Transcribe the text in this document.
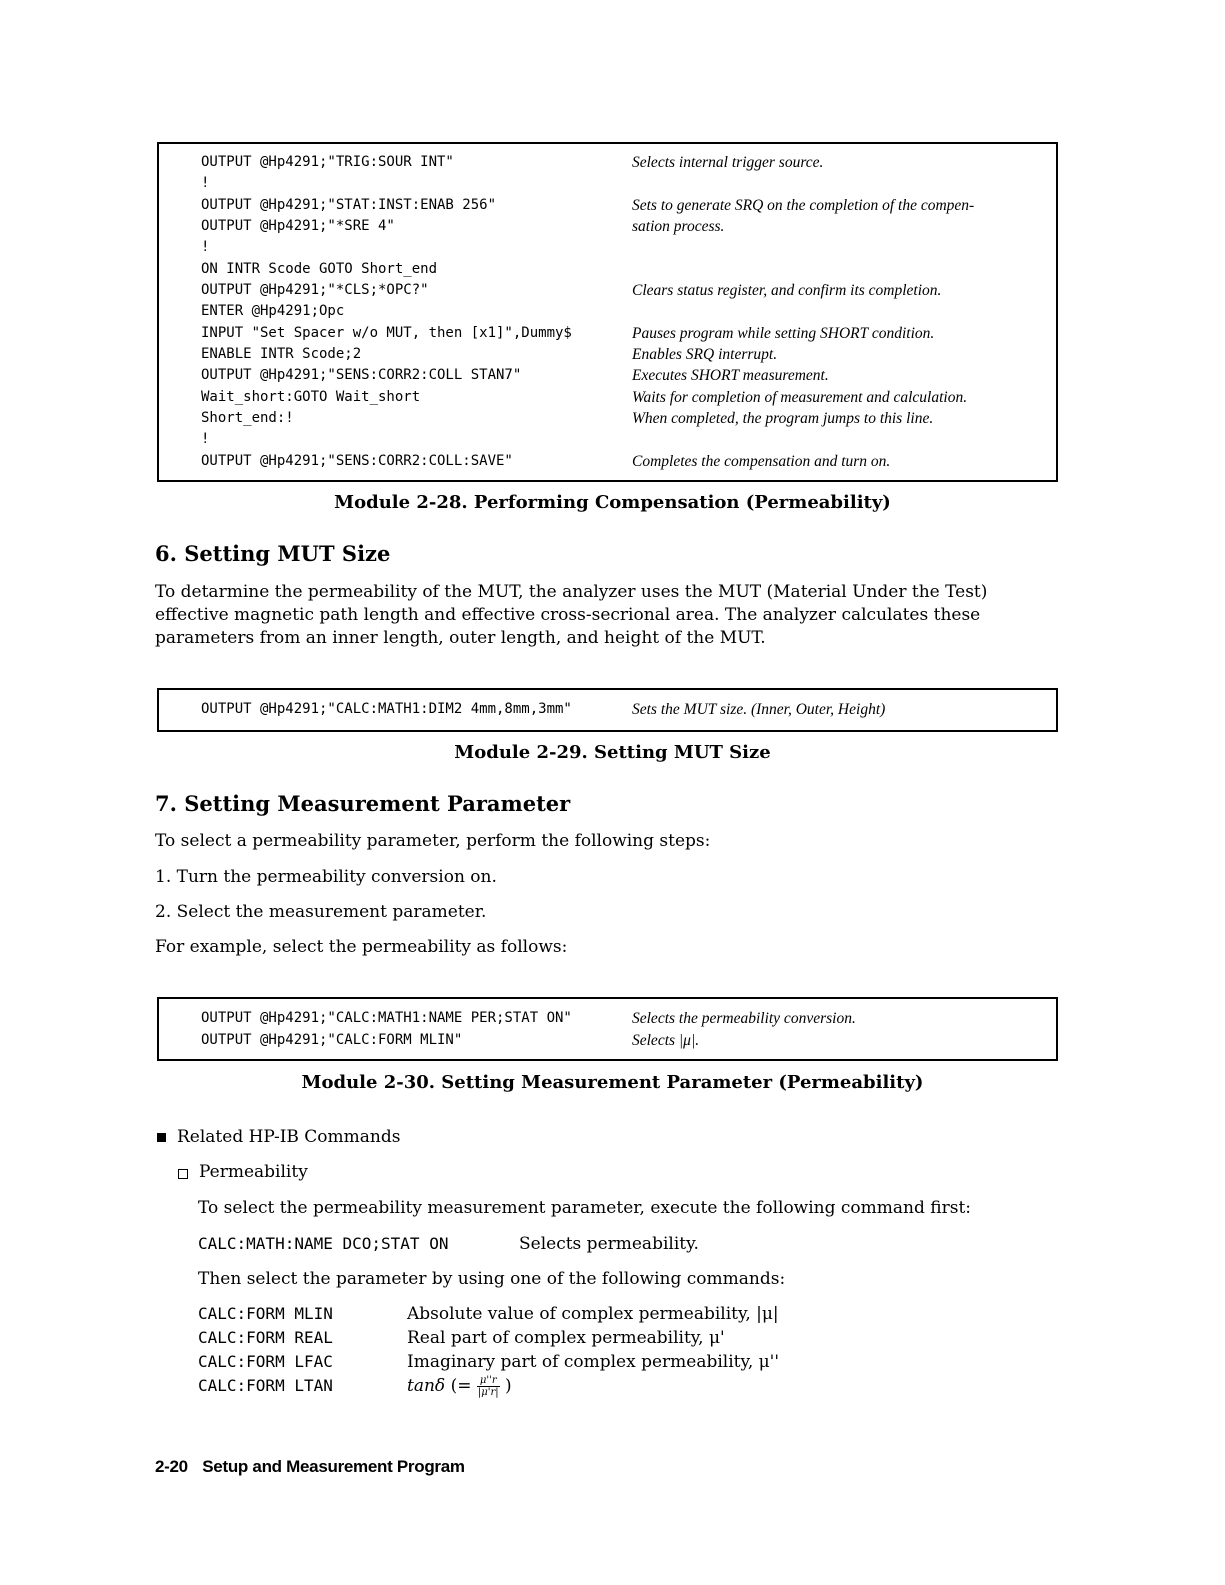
OUTPUT @Hp4291;"TRIG:SOUR INT"	Selects internal trigger source.
!
OUTPUT @Hp4291;"STAT:INST:ENAB 256"	Sets to generate SRQ on the completion of the compen-
OUTPUT @Hp4291;"*SRE 4"	sation process.
!
ON INTR Scode GOTO Short_end
OUTPUT @Hp4291;"*CLS;*OPC?"	Clears status register, and confirm its completion.
ENTER @Hp4291;Opc
INPUT "Set Spacer w/o MUT, then [x1]",Dummy$	Pauses program while setting SHORT condition.
ENABLE INTR Scode;2	Enables SRQ interrupt.
OUTPUT @Hp4291;"SENS:CORR2:COLL STAN7"	Executes SHORT measurement.
Wait_short:GOTO Wait_short	Waits for completion of measurement and calculation.
Short_end:!	When completed, the program jumps to this line.
!
OUTPUT @Hp4291;"SENS:CORR2:COLL:SAVE"	Completes the compensation and turn on.
Module 2-28. Performing Compensation (Permeability)
6. Setting MUT Size
To detarmine the permeability of the MUT, the analyzer uses the MUT (Material Under the Test)
effective magnetic path length and effective cross-secrional area. The analyzer calculates these
parameters from an inner length, outer length, and height of the MUT.
OUTPUT @Hp4291;"CALC:MATH1:DIM2 4mm,8mm,3mm"	Sets the MUT size. (Inner, Outer, Height)
Module 2-29. Setting MUT Size
7. Setting Measurement Parameter
To select a permeability parameter, perform the following steps:
1. Turn the permeability conversion on.
2. Select the measurement parameter.
For example, select the permeability as follows:
OUTPUT @Hp4291;"CALC:MATH1:NAME PER;STAT ON"	Selects the permeability conversion.
OUTPUT @Hp4291;"CALC:FORM MLIN"	Selects |μ|.
Module 2-30. Setting Measurement Parameter (Permeability)
Related HP-IB Commands
Permeability
To select the permeability measurement parameter, execute the following command first:
CALC:MATH:NAME DCO;STAT ON	Selects permeability.
Then select the parameter by using one of the following commands:
CALC:FORM MLIN	Absolute value of complex permeability, |μ|
CALC:FORM REAL	Real part of complex permeability, μ'
CALC:FORM LFAC	Imaginary part of complex permeability, μ''
CALC:FORM LTAN	tanδ (= $\frac{\mu''r}{|\mu'r|}$ )
2-20 Setup and Measurement Program
